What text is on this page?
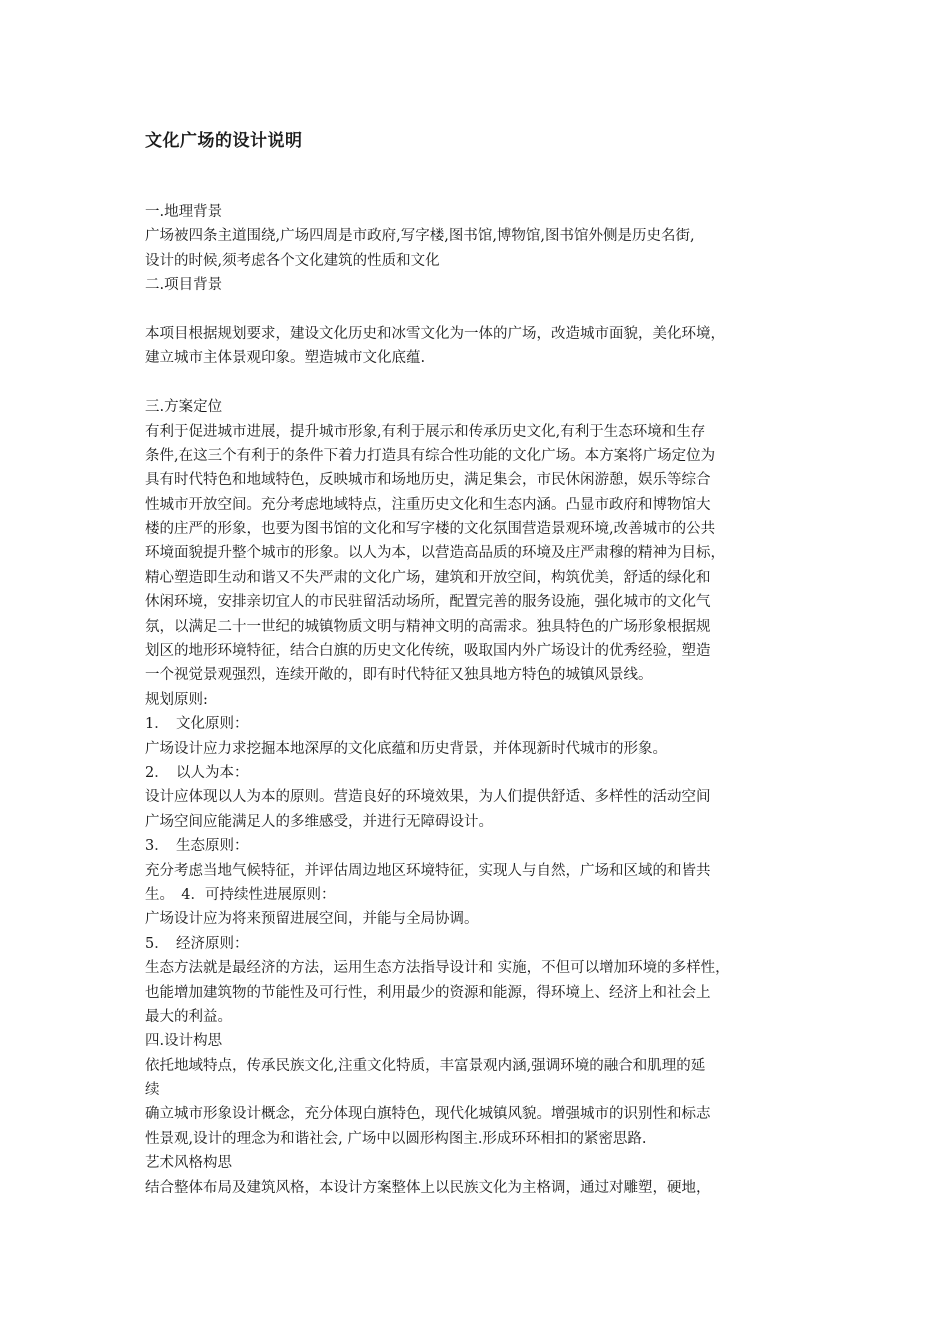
文化广场的设计说明
一.地理背景
广场被四条主道围绕,广场四周是市政府,写字楼,图书馆,博物馆,图书馆外侧是历史名街,
设计的时候,须考虑各个文化建筑的性质和文化
二.项目背景
本项目根据规划要求，建设文化历史和冰雪文化为一体的广场，改造城市面貌，美化环境，
建立城市主体景观印象。塑造城市文化底蕴.
三.方案定位
有利于促进城市进展，提升城市形象,有利于展示和传承历史文化,有利于生态环境和生存
条件,在这三个有利于的条件下着力打造具有综合性功能的文化广场。本方案将广场定位为
具有时代特色和地域特色，反映城市和场地历史，满足集会，市民休闲游憩，娱乐等综合
性城市开放空间。充分考虑地域特点，注重历史文化和生态内涵。凸显市政府和博物馆大
楼的庄严的形象，也要为图书馆的文化和写字楼的文化氛围营造景观环境,改善城市的公共
环境面貌提升整个城市的形象。以人为本，以营造高品质的环境及庄严肃穆的精神为目标，
精心塑造即生动和谐又不失严肃的文化广场，建筑和开放空间，构筑优美，舒适的绿化和
休闲环境，安排亲切宜人的市民驻留活动场所，配置完善的服务设施，强化城市的文化气
氛，以满足二十一世纪的城镇物质文明与精神文明的高需求。独具特色的广场形象根据规
划区的地形环境特征，结合白旗的历史文化传统，吸取国内外广场设计的优秀经验，塑造
一个视觉景观强烈，连续开敞的，即有时代特征又独具地方特色的城镇风景线。
规划原则:
1．　文化原则：
广场设计应力求挖掘本地深厚的文化底蕴和历史背景，并体现新时代城市的形象。
2．　以人为本：
设计应体现以人为本的原则。营造良好的环境效果，为人们提供舒适、多样性的活动空间
广场空间应能满足人的多维感受，并进行无障碍设计。
3．　生态原则：
充分考虑当地气候特征，并评估周边地区环境特征，实现人与自然，广场和区域的和皆共
生。　4．可持续性进展原则：
广场设计应为将来预留进展空间，并能与全局协调。
5．　经济原则：
生态方法就是最经济的方法，运用生态方法指导设计和 实施，不但可以增加环境的多样性，
也能增加建筑物的节能性及可行性，利用最少的资源和能源，得环境上、经济上和社会上
最大的利益。
四.设计构思
依托地域特点，传承民族文化,注重文化特质，丰富景观内涵,强调环境的融合和肌理的延
续
确立城市形象设计概念，充分体现白旗特色，现代化城镇风貌。增强城市的识别性和标志
性景观,设计的理念为和谐社会, 广场中以圆形构图主.形成环环相扣的紧密思路.
艺术风格构思
结合整体布局及建筑风格，本设计方案整体上以民族文化为主格调，通过对雕塑，硬地，
